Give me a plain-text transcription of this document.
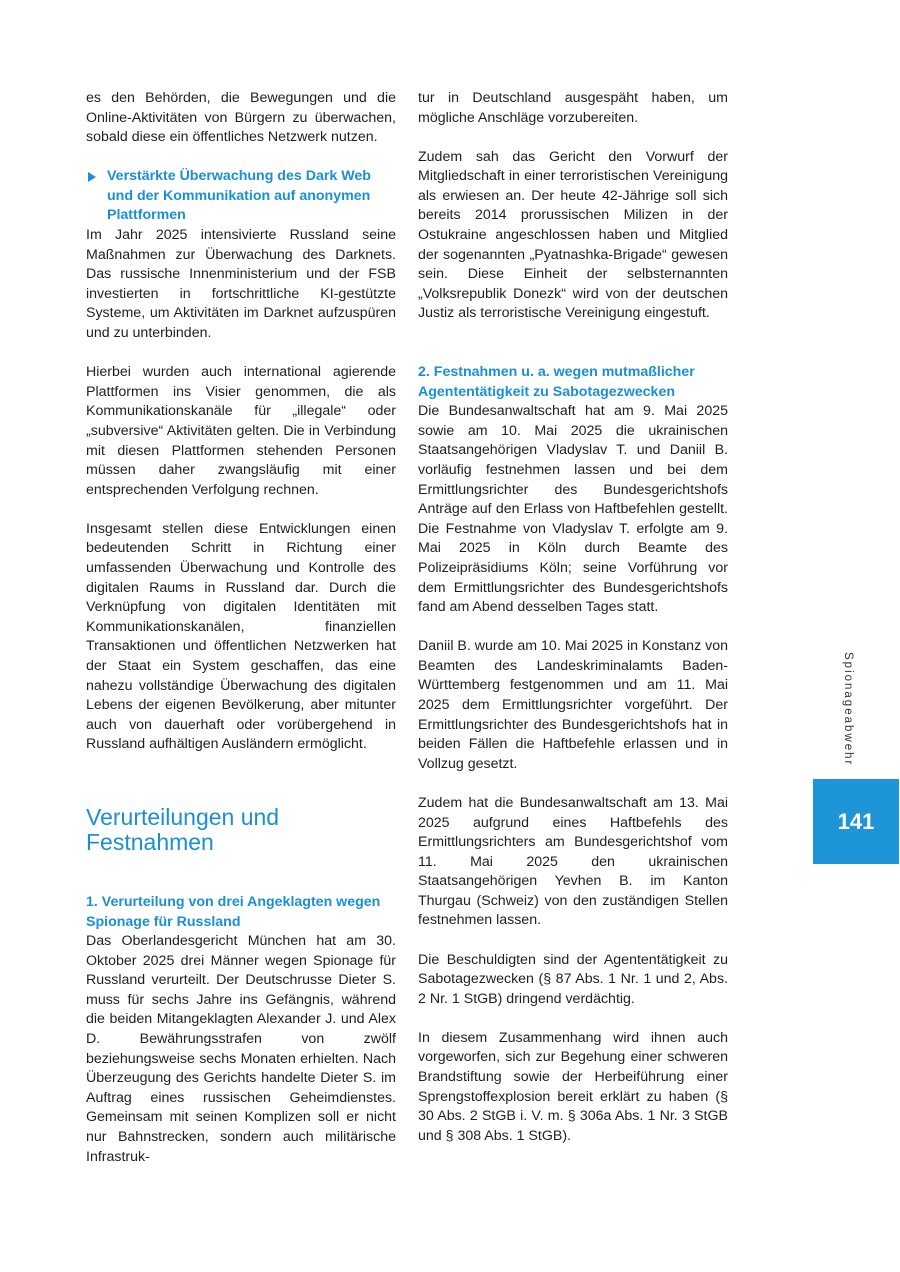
es den Behörden, die Bewegungen und die Online-Aktivitäten von Bürgern zu überwachen, sobald diese ein öffentliches Netzwerk nutzen.

Verstärkte Überwachung des Dark Web und der Kommunikation auf anonymen Plattformen

Im Jahr 2025 intensivierte Russland seine Maßnahmen zur Überwachung des Darknets. Das russische Innenministerium und der FSB investierten in fortschrittliche KI-gestützte Systeme, um Aktivitäten im Darknet aufzuspüren und zu unterbinden.

Hierbei wurden auch international agierende Plattformen ins Visier genommen, die als Kommunikationskanäle für „illegale“ oder „subversive“ Aktivitäten gelten. Die in Verbindung mit diesen Plattformen stehenden Personen müssen daher zwangsläufig mit einer entsprechenden Verfolgung rechnen.

Insgesamt stellen diese Entwicklungen einen bedeutenden Schritt in Richtung einer umfassenden Überwachung und Kontrolle des digitalen Raums in Russland dar. Durch die Verknüpfung von digitalen Identitäten mit Kommunikationskanälen, finanziellen Transaktionen und öffentlichen Netzwerken hat der Staat ein System geschaffen, das eine nahezu vollständige Überwachung des digitalen Lebens der eigenen Bevölkerung, aber mitunter auch von dauerhaft oder vorübergehend in Russland aufhältigen Ausländern ermöglicht.

Verurteilungen und Festnahmen
1. Verurteilung von drei Angeklagten wegen Spionage für Russland

Das Oberlandesgericht München hat am 30. Oktober 2025 drei Männer wegen Spionage für Russland verurteilt. Der Deutschrusse Dieter S. muss für sechs Jahre ins Gefängnis, während die beiden Mitangeklagten Alexander J. und Alex D. Bewährungsstrafen von zwölf beziehungsweise sechs Monaten erhielten. Nach Überzeugung des Gerichts handelte Dieter S. im Auftrag eines russischen Geheimdienstes. Gemeinsam mit seinen Komplizen soll er nicht nur Bahnstrecken, sondern auch militärische Infrastruk-

tur in Deutschland ausgespäht haben, um mögliche Anschläge vorzubereiten.

Zudem sah das Gericht den Vorwurf der Mitgliedschaft in einer terroristischen Vereinigung als erwiesen an. Der heute 42-Jährige soll sich bereits 2014 prorussischen Milizen in der Ostukraine angeschlossen haben und Mitglied der sogenannten „Pyatnashka-Brigade“ gewesen sein. Diese Einheit der selbsternannten „Volksrepublik Donezk“ wird von der deutschen Justiz als terroristische Vereinigung eingestuft.

2. Festnahmen u. a. wegen mutmaßlicher Agententätigkeit zu Sabotagezwecken

Die Bundesanwaltschaft hat am 9. Mai 2025 sowie am 10. Mai 2025 die ukrainischen Staatsangehörigen Vladyslav T. und Daniil B. vorläufig festnehmen lassen und bei dem Ermittlungsrichter des Bundesgerichtshofs Anträge auf den Erlass von Haftbefehlen gestellt. Die Festnahme von Vladyslav T. erfolgte am 9. Mai 2025 in Köln durch Beamte des Polizeipräsidiums Köln; seine Vorführung vor dem Ermittlungsrichter des Bundesgerichtshofs fand am Abend desselben Tages statt.

Daniil B. wurde am 10. Mai 2025 in Konstanz von Beamten des Landeskriminalamts Baden-Württemberg festgenommen und am 11. Mai 2025 dem Ermittlungsrichter vorgeführt. Der Ermittlungsrichter des Bundesgerichtshofs hat in beiden Fällen die Haftbefehle erlassen und in Vollzug gesetzt.

Zudem hat die Bundesanwaltschaft am 13. Mai 2025 aufgrund eines Haftbefehls des Ermittlungsrichters am Bundesgerichtshof vom 11. Mai 2025 den ukrainischen Staatsangehörigen Yevhen B. im Kanton Thurgau (Schweiz) von den zuständigen Stellen festnehmen lassen.

Die Beschuldigten sind der Agententätigkeit zu Sabotagezwecken (§ 87 Abs. 1 Nr. 1 und 2, Abs. 2 Nr. 1 StGB) dringend verdächtig.

In diesem Zusammenhang wird ihnen auch vorgeworfen, sich zur Begehung einer schweren Brandstiftung sowie der Herbeiführung einer Sprengstoffexplosion bereit erklärt zu haben (§ 30 Abs. 2 StGB i. V. m. § 306a Abs. 1 Nr. 3 StGB und § 308 Abs. 1 StGB).

Spionageabwehr
141
